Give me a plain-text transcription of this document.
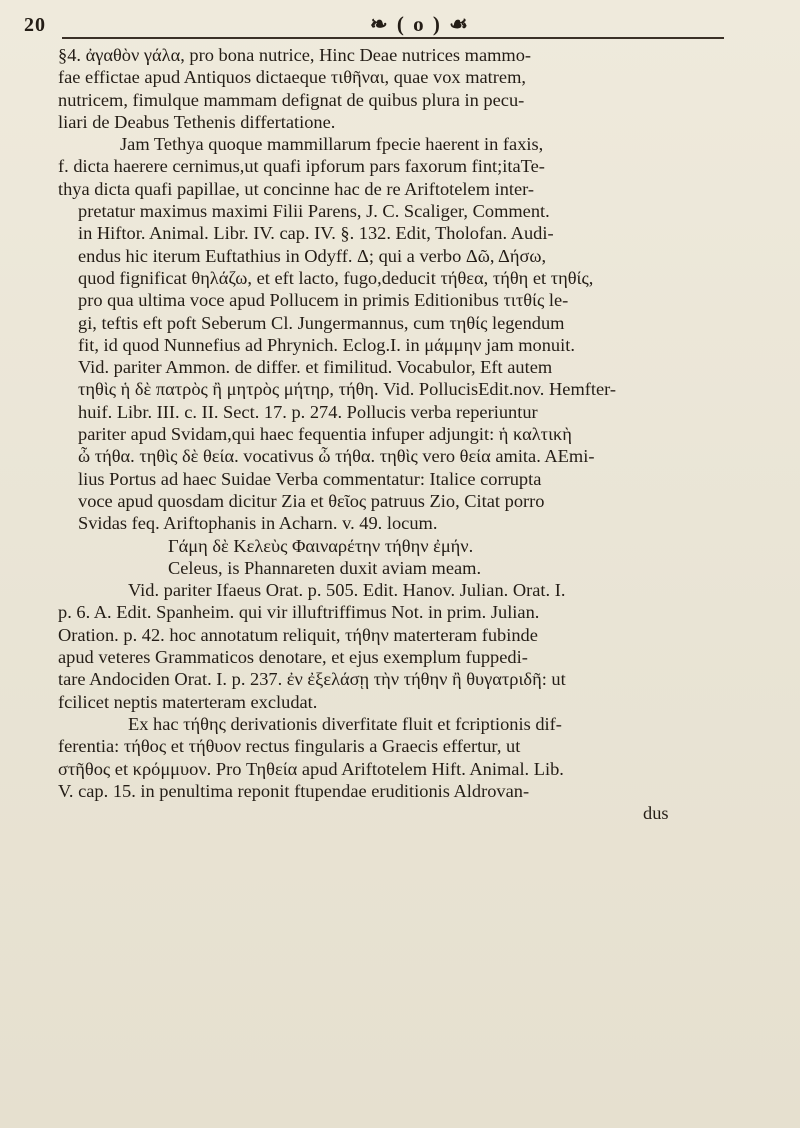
20	❧ ( o ) ☙
§4. ἀγαθὸν γάλα, pro bona nutrice, Hinc Deae nutrices mammo-
fae effictae apud Antiquos dictaeque τιθῆναι, quae vox matrem,
nutricem, fimulque mammam defignat de quibus plura in pecu-
liari de Deabus Tethenis differtatione.
Jam Tethya quoque mammillarum fpecie haerent in faxis,
f. dicta haerere cernimus,ut quafi ipforum pars faxorum fint;itaTe-
thya dicta quafi papillae, ut concinne hac de re Ariftotelem inter-
pretatur maximus maximi Filii Parens, J. C. Scaliger, Comment.
in Hiftor. Animal. Libr. IV. cap. IV. §. 132. Edit, Tholofan. Audi-
endus hic iterum Euftathius in Odyff. Δ; qui a verbo Δῶ, Δήσω,
quod fignificat θηλάζω, et eft lacto, fugo,deducit τήθεα, τήθη et τηθίς,
pro qua ultima voce apud Pollucem in primis Editionibus τιτθίς le-
gi, teftis eft poft Seberum Cl. Jungermannus, cum τηθίς legendum
fit, id quod Nunnefius ad Phrynich. Eclog.I. in μάμμην jam monuit.
Vid. pariter Ammon. de differ. et fimilitud. Vocabulor, Eft autem
τηθὶς ἡ δὲ πατρὸς ἢ μητρὸς μήτηρ, τήθη. Vid. PollucisEdit.nov. Hemfter-
huif. Libr. III. c. II. Sect. 17. p. 274. Pollucis verba reperiuntur
pariter apud Svidam,qui haec fequentia infuper adjungit: ἡ καλτικὴ
ὦ τήθα. τηθὶς δὲ θεία. vocativus ὦ τήθα. τηθὶς vero θεία amita. AEmi-
lius Portus ad haec Suidae Verba commentatur: Italice corrupta
voce apud quosdam dicitur Zia et θεῖος patruus Zio, Citat porro
Svidas feq. Ariftophanis in Acharn. v. 49. locum.
Γάμη δὲ Κελεὺς Φαιναρέτην τήθην ἐμήν.
Celeus, is Phannareten duxit aviam meam.
Vid. pariter Ifaeus Orat. p. 505. Edit. Hanov. Julian. Orat. I.
p. 6. A. Edit. Spanheim. qui vir illuftriffimus Not. in prim. Julian.
Oration. p. 42. hoc annotatum reliquit, τήθην materteram fubinde
apud veteres Grammaticos denotare, et ejus exemplum fuppedi-
tare Andociden Orat. I. p. 237. ἐν ἐξελάσῃ τὴν τήθην ἢ θυγατριδῆ: ut
fcilicet neptis materteram excludat.
Ex hac τήθης derivationis diverfitate fluit et fcriptionis dif-
ferentia: τήθος et τήθυον rectus fingularis a Graecis effertur, ut
στῆθος et κρόμμυον. Pro Τηθεία apud Ariftotelem Hift. Animal. Lib.
V. cap. 15. in penultima reponit ftupendae eruditionis Aldrovan-
dus
